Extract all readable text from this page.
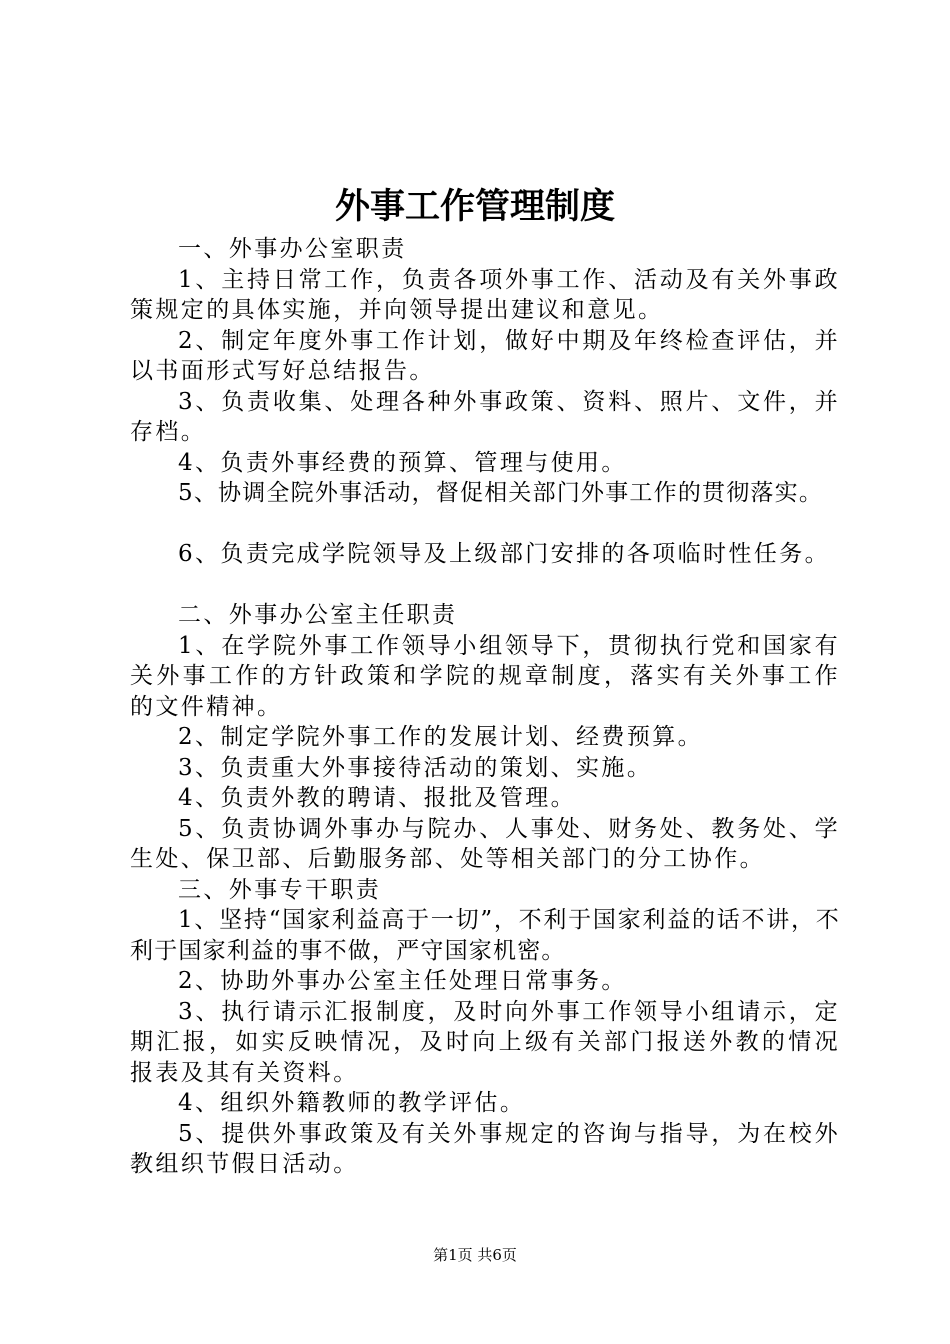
外事工作管理制度

一、外事办公室职责

1、主持日常工作，负责各项外事工作、活动及有关外事政策规定的具体实施，并向领导提出建议和意见。

2、制定年度外事工作计划，做好中期及年终检查评估，并以书面形式写好总结报告。

3、负责收集、处理各种外事政策、资料、照片、文件，并存档。

4、负责外事经费的预算、管理与使用。

5、协调全院外事活动，督促相关部门外事工作的贯彻落实。

6、负责完成学院领导及上级部门安排的各项临时性任务。

二、外事办公室主任职责

1、在学院外事工作领导小组领导下，贯彻执行党和国家有关外事工作的方针政策和学院的规章制度，落实有关外事工作的文件精神。

2、制定学院外事工作的发展计划、经费预算。

3、负责重大外事接待活动的策划、实施。

4、负责外教的聘请、报批及管理。

5、负责协调外事办与院办、人事处、财务处、教务处、学生处、保卫部、后勤服务部、处等相关部门的分工协作。

三、外事专干职责

1、坚持“国家利益高于一切”，不利于国家利益的话不讲，不利于国家利益的事不做，严守国家机密。

2、协助外事办公室主任处理日常事务。

3、执行请示汇报制度，及时向外事工作领导小组请示，定期汇报，如实反映情况，及时向上级有关部门报送外教的情况报表及其有关资料。

4、组织外籍教师的教学评估。

5、提供外事政策及有关外事规定的咨询与指导，为在校外教组织节假日活动。

第1页 共6页
